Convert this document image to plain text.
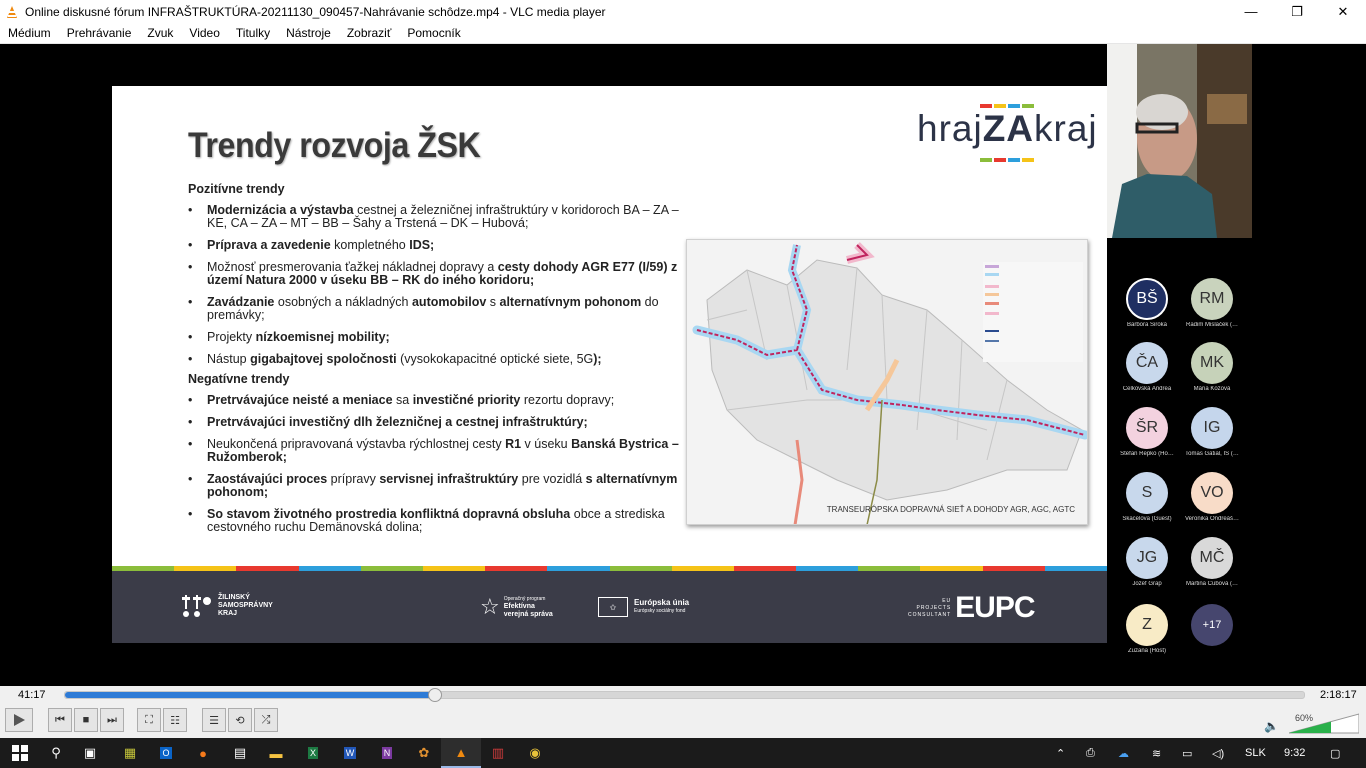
Online diskusné fórum INFRAŠTRUKTÚRA-20211130_090457-Nahrávanie schôdze.mp4 - VLC media player	—	❐	✕
Médium	Prehrávanie	Zvuk	Video	Titulky	Nástroje	Zobraziť	Pomocník
Trendy rozvoja ŽSK	hrajZAkraj
Pozitívne trendy
• Modernizácia a výstavba cestnej a železničnej infraštruktúry v koridoroch BA – ZA – KE, CA – ZA – MT – BB – Šahy a Trstená – DK – Hubová;
• Príprava a zavedenie kompletného IDS;
• Možnosť presmerovania ťažkej nákladnej dopravy a cesty dohody AGR E77 (I/59) z území Natura 2000 v úseku BB – RK do iného koridoru;
• Zavádzanie osobných a nákladných automobilov s alternatívnym pohonom do premávky;
• Projekty nízkoemisnej mobility;
• Nástup gigabajtovej spoločnosti (vysokokapacitné optické siete, 5G);
Negatívne trendy
• Pretrvávajúce neisté a meniace sa investičné priority rezortu dopravy;
• Pretrvávajúci investičný dlh železničnej a cestnej infraštruktúry;
• Neukončená pripravovaná výstavba rýchlostnej cesty R1 v úseku Banská Bystrica – Ružomberok;
• Zaostávajúci proces prípravy servisnej infraštruktúry pre vozidlá s alternatívnym pohonom;
• So stavom životného prostredia konfliktná dopravná obsluha obce a strediska cestovného ruchu Demänovská dolina;
TRANSEURÓPSKA DOPRAVNÁ SIEŤ A DOHODY AGR, AGC, AGTC
ŽILINSKÝ
SAMOSPRÁVNY
KRAJ	☆ Operačný program
Efektívna
verejná správa
✩	Európska únia
Európsky sociálny fond
EU
PROJECTS
CONSULTANT EUPC
BŠ
Barbora Široká
RM
Radim Mislaček (…
ČA
Čelkovská Andrea
MK
Mária Kozová
ŠR
Štefan Repko (Ho…
IG
Tomas Gatial, IS (…
S
Skacelova (Guest)
VO
Veronika Ondreáš…
JG
Jozef Grap
MČ
Martina Čubová (…
Z
Zuzana (Host)
+17
41:17	2:18:17
⏮ ■ ⏭	⛶ ☷	☰ ⟲ ⤮	🔈
60%
⚲ ▣ ▦	O ● ▤ ▬	X	W	N ✿ ▲ ▥ ◉	⌃ ⎙ ☁ ≋ ▭ ◁) SLK 9:32 ▢
